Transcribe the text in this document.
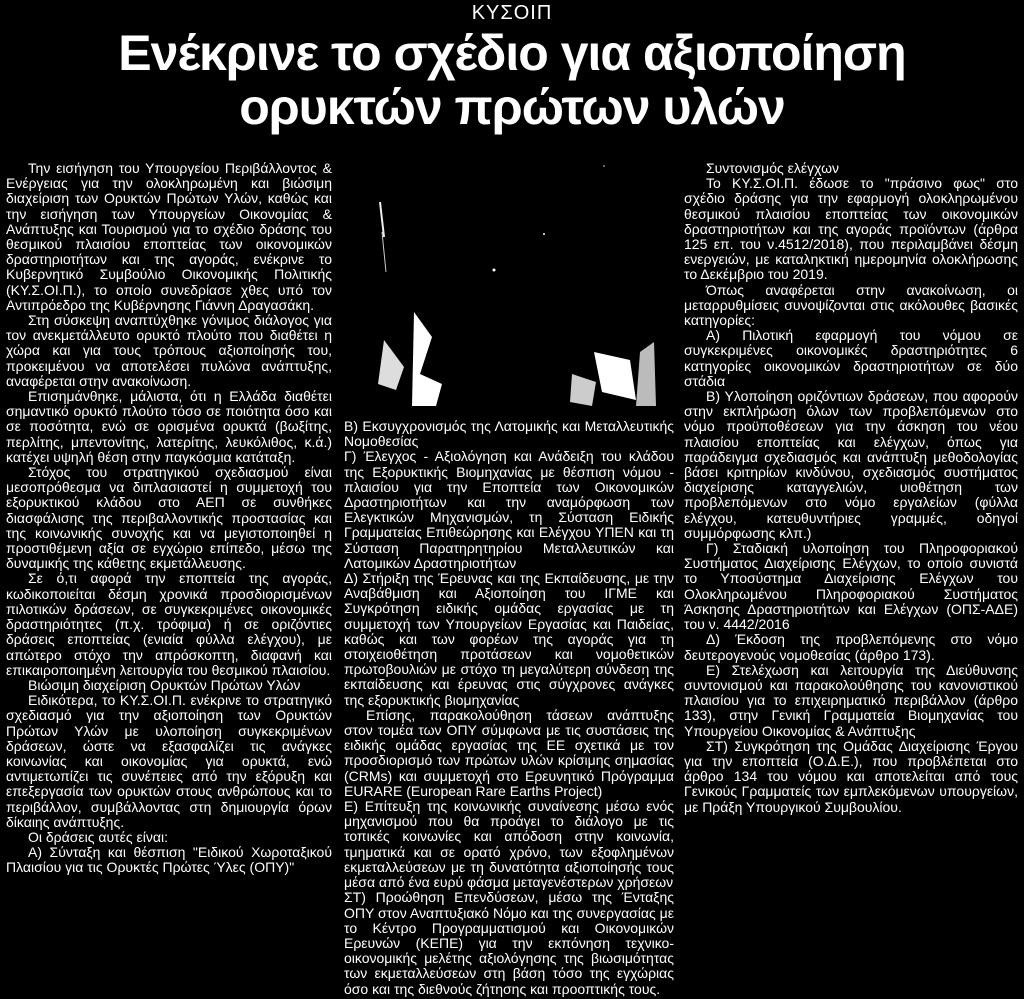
ΚΥΣΟΙΠ
Ενέκρινε το σχέδιο για αξιοποίηση
ορυκτών πρώτων υλών

Την εισήγηση του Υπουργείου Περιβάλλοντος & Ενέργειας για την ολοκληρωμένη και βιώσιμη διαχείριση των Ορυκτών Πρώτων Υλών, καθώς και την εισήγηση των Υπουργείων Οικονομίας & Ανάπτυξης και Τουρισμού για το σχέδιο δράσης του θεσμικού πλαισίου εποπτείας των οικονομικών δραστηριοτήτων και της αγοράς, ενέκρινε το Κυβερνητικό Συμβούλιο Οικονομικής Πολιτικής (ΚΥ.Σ.ΟΙ.Π.), το οποίο συνεδρίασε χθες υπό τον Αντιπρόεδρο της Κυβέρνησης Γιάννη Δραγασάκη.

Στη σύσκεψη αναπτύχθηκε γόνιμος διάλογος για τον ανεκμετάλλευτο ορυκτό πλούτο που διαθέτει η χώρα και για τους τρόπους αξιοποίησής του, προκειμένου να αποτελέσει πυλώνα ανάπτυξης, αναφέρεται στην ανακοίνωση.

Επισημάνθηκε, μάλιστα, ότι η Ελλάδα διαθέτει σημαντικό ορυκτό πλούτο τόσο σε ποιότητα όσο και σε ποσότητα, ενώ σε ορισμένα ορυκτά (βωξίτης, περλίτης, μπεντονίτης, λατερίτης, λευκόλιθος, κ.ά.) κατέχει υψηλή θέση στην παγκόσμια κατάταξη.

Στόχος του στρατηγικού σχεδιασμού είναι μεσοπρόθεσμα να διπλασιαστεί η συμμετοχή του εξορυκτικού κλάδου στο ΑΕΠ σε συνθήκες διασφάλισης της περιβαλλοντικής προστασίας και της κοινωνικής συνοχής και να μεγιστοποιηθεί η προστιθέμενη αξία σε εγχώριο επίπεδο, μέσω της δυναμικής της κάθετης εκμετάλλευσης.

Σε ό,τι αφορά την εποπτεία της αγοράς, κωδικοποιείται δέσμη χρονικά προσδιορισμένων πιλοτικών δράσεων, σε συγκεκριμένες οικονομικές δραστηριότητες (π.χ. τρόφιμα) ή σε οριζόντιες δράσεις εποπτείας (ενιαία φύλλα ελέγχου), με απώτερο στόχο την απρόσκοπτη, διαφανή και επικαιροποιημένη λειτουργία του θεσμικού πλαισίου.

Βιώσιμη διαχείριση Ορυκτών Πρώτων Υλών

Ειδικότερα, το ΚΥ.Σ.ΟΙ.Π. ενέκρινε το στρατηγικό σχεδιασμό για την αξιοποίηση των Ορυκτών Πρώτων Υλών με υλοποίηση συγκεκριμένων δράσεων, ώστε να εξασφαλίζει τις ανάγκες κοινωνίας και οικονομίας για ορυκτά, ενώ αντιμετωπίζει τις συνέπειες από την εξόρυξη και επεξεργασία των ορυκτών στους ανθρώπους και το περιβάλλον, συμβάλλοντας στη δημιουργία όρων δίκαιης ανάπτυξης.

Οι δράσεις αυτές είναι:

Α) Σύνταξη και θέσπιση "Ειδικού Χωροταξικού Πλαισίου για τις Ορυκτές Πρώτες Ύλες (ΟΠΥ)"

Β) Εκσυγχρονισμός της Λατομικής και Μεταλλευτικής Νομοθεσίας

Γ) Έλεγχος - Αξιολόγηση και Ανάδειξη του κλάδου της Εξορυκτικής Βιομηχανίας με θέσπιση νόμου - πλαισίου για την Εποπτεία των Οικονομικών Δραστηριοτήτων και την αναμόρφωση των Ελεγκτικών Μηχανισμών, τη Σύσταση Ειδικής Γραμματείας Επιθεώρησης και Ελέγχου ΥΠΕΝ και τη Σύσταση Παρατηρητηρίου Μεταλλευτικών και Λατομικών Δραστηριοτήτων

Δ) Στήριξη της Έρευνας και της Εκπαίδευσης, με την Αναβάθμιση και Αξιοποίηση του ΙΓΜΕ και Συγκρότηση ειδικής ομάδας εργασίας με τη συμμετοχή των Υπουργείων Εργασίας και Παιδείας, καθώς και των φορέων της αγοράς για τη στοιχειοθέτηση προτάσεων και νομοθετικών πρωτοβουλιών με στόχο τη μεγαλύτερη σύνδεση της εκπαίδευσης και έρευνας στις σύγχρονες ανάγκες της εξορυκτικής βιομηχανίας

Επίσης, παρακολούθηση τάσεων ανάπτυξης στον τομέα των ΟΠΥ σύμφωνα με τις συστάσεις της ειδικής ομάδας εργασίας της ΕΕ σχετικά με τον προσδιορισμό των πρώτων υλών κρίσιμης σημασίας (CRMs) και συμμετοχή στο Ερευνητικό Πρόγραμμα EURARE (European Rare Earths Project)

Ε) Επίτευξη της κοινωνικής συναίνεσης μέσω ενός μηχανισμού που θα προάγει το διάλογο με τις τοπικές κοινωνίες και απόδοση στην κοινωνία, τμηματικά και σε ορατό χρόνο, των εξοφλημένων εκμεταλλεύσεων με τη δυνατότητα αξιοποίησής τους μέσα από ένα ευρύ φάσμα μεταγενέστερων χρήσεων

ΣΤ) Προώθηση Επενδύσεων, μέσω της Ένταξης ΟΠΥ στον Αναπτυξιακό Νόμο και της συνεργασίας με το Κέντρο Προγραμματισμού και Οικονομικών Ερευνών (ΚΕΠΕ) για την εκπόνηση τεχνικο-οικονομικής μελέτης αξιολόγησης της βιωσιμότητας των εκμεταλλεύσεων στη βάση τόσο της εγχώριας όσο και της διεθνούς ζήτησης και προοπτικής τους.

Συντονισμός ελέγχων

Το ΚΥ.Σ.ΟΙ.Π. έδωσε το "πράσινο φως" στο σχέδιο δράσης για την εφαρμογή ολοκληρωμένου θεσμικού πλαισίου εποπτείας των οικονομικών δραστηριοτήτων και της αγοράς προϊόντων (άρθρα 125 επ. του ν.4512/2018), που περιλαμβάνει δέσμη ενεργειών, με καταληκτική ημερομηνία ολοκλήρωσης το Δεκέμβριο του 2019.

Όπως αναφέρεται στην ανακοίνωση, οι μεταρρυθμίσεις συνοψίζονται στις ακόλουθες βασικές κατηγορίες:

Α) Πιλοτική εφαρμογή του νόμου σε συγκεκριμένες οικονομικές δραστηριότητες 6 κατηγορίες οικονομικών δραστηριοτήτων σε δύο στάδια

Β) Υλοποίηση οριζόντιων δράσεων, που αφορούν στην εκπλήρωση όλων των προβλεπόμενων στο νόμο προϋποθέσεων για την άσκηση του νέου πλαισίου εποπτείας και ελέγχων, όπως για παράδειγμα σχεδιασμός και ανάπτυξη μεθοδολογίας βάσει κριτηρίων κινδύνου, σχεδιασμός συστήματος διαχείρισης καταγγελιών, υιοθέτηση των προβλεπόμενων στο νόμο εργαλείων (φύλλα ελέγχου, κατευθυντήριες γραμμές, οδηγοί συμμόρφωσης κλπ.)

Γ) Σταδιακή υλοποίηση του Πληροφοριακού Συστήματος Διαχείρισης Ελέγχων, το οποίο συνιστά το Υποσύστημα Διαχείρισης Ελέγχων του Ολοκληρωμένου Πληροφοριακού Συστήματος Άσκησης Δραστηριοτήτων και Ελέγχων (ΟΠΣ-ΑΔΕ) του ν. 4442/2016

Δ) Έκδοση της προβλεπόμενης στο νόμο δευτερογενούς νομοθεσίας (άρθρο 173).

Ε) Στελέχωση και λειτουργία της Διεύθυνσης συντονισμού και παρακολούθησης του κανονιστικού πλαισίου για το επιχειρηματικό περιβάλλον (άρθρο 133), στην Γενική Γραμματεία Βιομηχανίας του Υπουργείου Οικονομίας & Ανάπτυξης

ΣΤ) Συγκρότηση της Ομάδας Διαχείρισης Έργου για την εποπτεία (Ο.Δ.Ε.), που προβλέπεται στο άρθρο 134 του νόμου και αποτελείται από τους Γενικούς Γραμματείς των εμπλεκόμενων υπουργείων, με Πράξη Υπουργικού Συμβουλίου.
